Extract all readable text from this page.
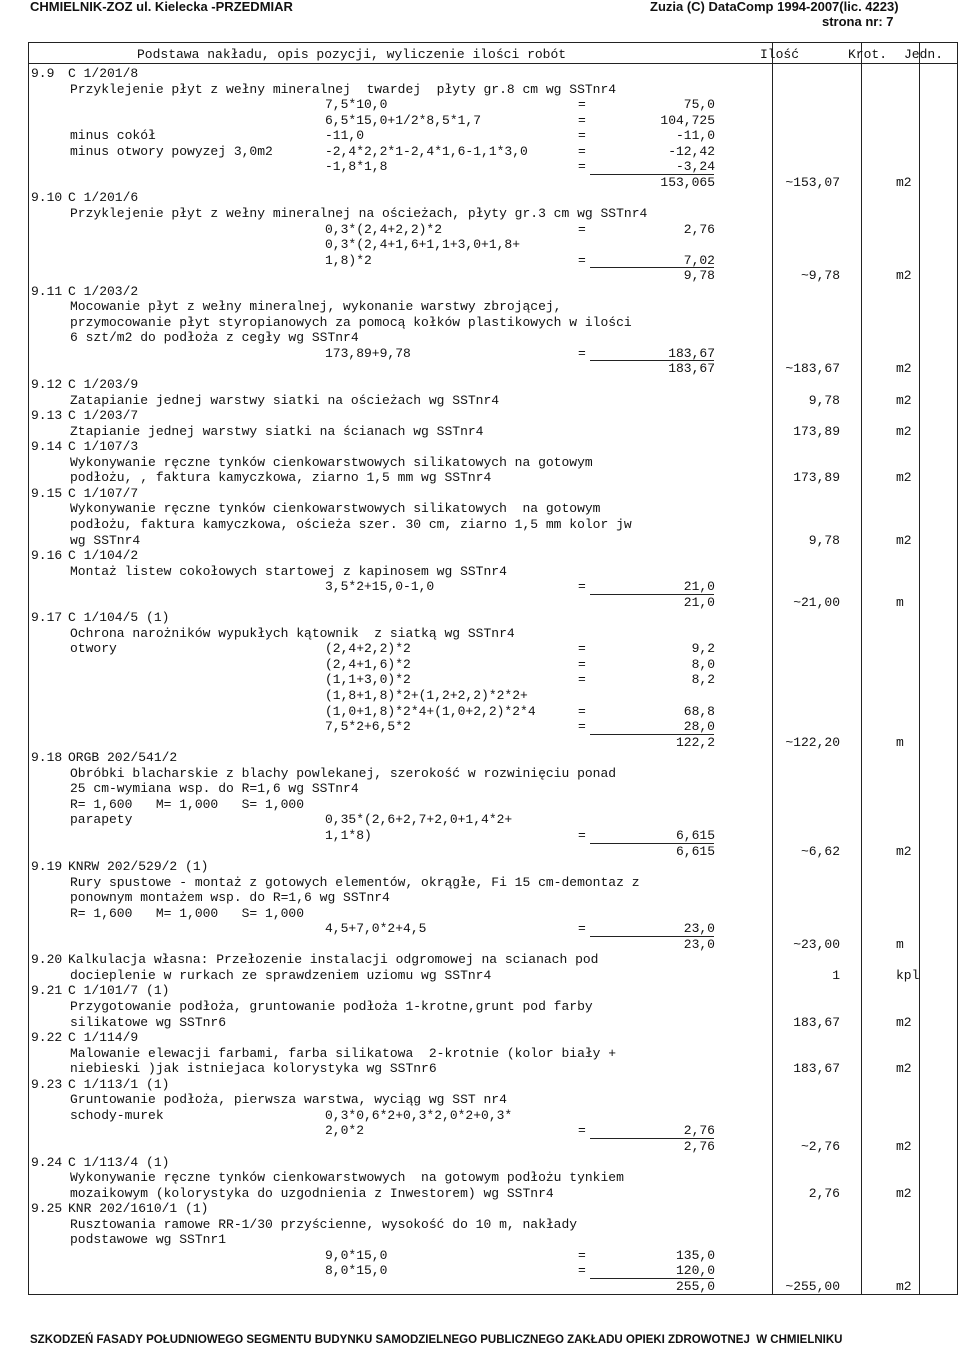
CHMIELNIK-ZOZ ul. Kielecka -PRZEDMIAR	Zuzia (C) DataComp 1994-2007(lic. 4223)
strona nr: 7
Podstawa nakładu, opis pozycji, wyliczenie ilości robót	Ilość	Krot. Jedn.
9.9 C 1/201/8
Przyklejenie płyt z wełny mineralnej  twardej  płyty gr.8 cm wg SSTnr4
7,5*10,0	=	75,0
6,5*15,0+1/2*8,5*1,7	=	104,725
minus cokół	-11,0	=	-11,0
minus otwory powyzej 3,0m2	-2,4*2,2*1-2,4*1,6-1,1*3,0	=	-12,42
-1,8*1,8	=	-3,24
153,065	~153,07	m2
9.10 C 1/201/6
Przyklejenie płyt z wełny mineralnej na ościeżach, płyty gr.3 cm wg SSTnr4
0,3*(2,4+2,2)*2	=	2,76
0,3*(2,4+1,6+1,1+3,0+1,8+
1,8)*2	=	7,02
9,78	~9,78	m2
9.11 C 1/203/2
Mocowanie płyt z wełny mineralnej, wykonanie warstwy zbrojącej,
przymocowanie płyt styropianowych za pomocą kołków plastikowych w ilości
6 szt/m2 do podłoża z cegły wg SSTnr4
173,89+9,78	=	183,67
183,67	~183,67	m2
9.12 C 1/203/9
Zatapianie jednej warstwy siatki na ościeżach wg SSTnr4	9,78	m2
9.13 C 1/203/7
Ztapianie jednej warstwy siatki na ścianach wg SSTnr4	173,89	m2
9.14 C 1/107/3
Wykonywanie ręczne tynków cienkowarstwowych silikatowych na gotowym
podłożu, , faktura kamyczkowa, ziarno 1,5 mm wg SSTnr4	173,89	m2
9.15 C 1/107/7
Wykonywanie ręczne tynków cienkowarstwowych silikatowych  na gotowym
podłożu, faktura kamyczkowa, ościeża szer. 30 cm, ziarno 1,5 mm kolor jw
wg SSTnr4	9,78	m2
9.16 C 1/104/2
Montaż listew cokołowych startowej z kapinosem wg SSTnr4
3,5*2+15,0-1,0	=	21,0
21,0	~21,00	m
9.17 C 1/104/5 (1)
Ochrona narożników wypukłych kątownik  z siatką wg SSTnr4
otwory	(2,4+2,2)*2	=	9,2
(2,4+1,6)*2	=	8,0
(1,1+3,0)*2	=	8,2
(1,8+1,8)*2+(1,2+2,2)*2*2+
(1,0+1,8)*2*4+(1,0+2,2)*2*4	=	68,8
7,5*2+6,5*2	=	28,0
122,2	~122,20	m
9.18 ORGB 202/541/2
Obróbki blacharskie z blachy powlekanej, szerokość w rozwinięciu ponad
25 cm-wymiana wsp. do R=1,6 wg SSTnr4
R= 1,600   M= 1,000   S= 1,000
parapety	0,35*(2,6+2,7+2,0+1,4*2+
1,1*8)	=	6,615
6,615	~6,62	m2
9.19 KNRW 202/529/2 (1)
Rury spustowe - montaż z gotowych elementów, okrągłe, Fi 15 cm-demontaz z
ponownym montażem wsp. do R=1,6 wg SSTnr4
R= 1,600   M= 1,000   S= 1,000
4,5+7,0*2+4,5	=	23,0
23,0	~23,00	m
9.20 Kalkulacja własna: Przełozenie instalacji odgromowej na scianach pod
docieplenie w rurkach ze sprawdzeniem uziomu wg SSTnr4	1	kpl
9.21 C 1/101/7 (1)
Przygotowanie podłoża, gruntowanie podłoża 1-krotne,grunt pod farby
silikatowe wg SSTnr6	183,67	m2
9.22 C 1/114/9
Malowanie elewacji farbami, farba silikatowa  2-krotnie (kolor biały +
niebieski )jak istniejaca kolorystyka wg SSTnr6	183,67	m2
9.23 C 1/113/1 (1)
Gruntowanie podłoża, pierwsza warstwa, wyciąg wg SST nr4
schody-murek	0,3*0,6*2+0,3*2,0*2+0,3*
2,0*2	=	2,76
2,76	~2,76	m2
9.24 C 1/113/4 (1)
Wykonywanie ręczne tynków cienkowarstwowych  na gotowym podłożu tynkiem
mozaikowym (kolorystyka do uzgodnienia z Inwestorem) wg SSTnr4	2,76	m2
9.25 KNR 202/1610/1 (1)
Rusztowania ramowe RR-1/30 przyścienne, wysokość do 10 m, nakłady
podstawowe wg SSTnr1
9,0*15,0	=	135,0
8,0*15,0	=	120,0
255,0	~255,00	m2
SZKODZEŃ FASADY POŁUDNIOWEGO SEGMENTU BUDYNKU SAMODZIELNEGO PUBLICZNEGO ZAKŁADU OPIEKI ZDROWOTNEJ  W CHMIELNIKU
